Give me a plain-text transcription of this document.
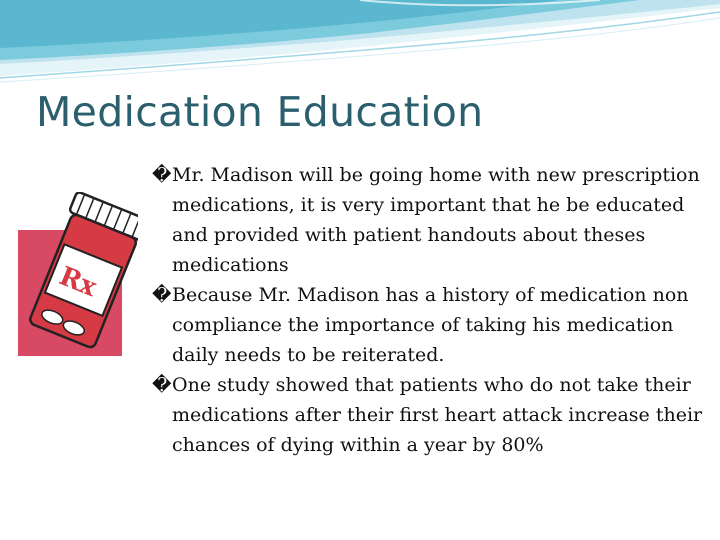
Medication Education
Rx
� Mr. Madison will be going home with new prescription medications, it is very important that he be educated and provided with patient handouts about theses medications
� Because Mr. Madison has a history of medication non compliance the importance of taking his medication daily needs to be reiterated.
� One study showed that patients who do not take their medications after their first heart attack increase their chances of dying within a year by 80%
